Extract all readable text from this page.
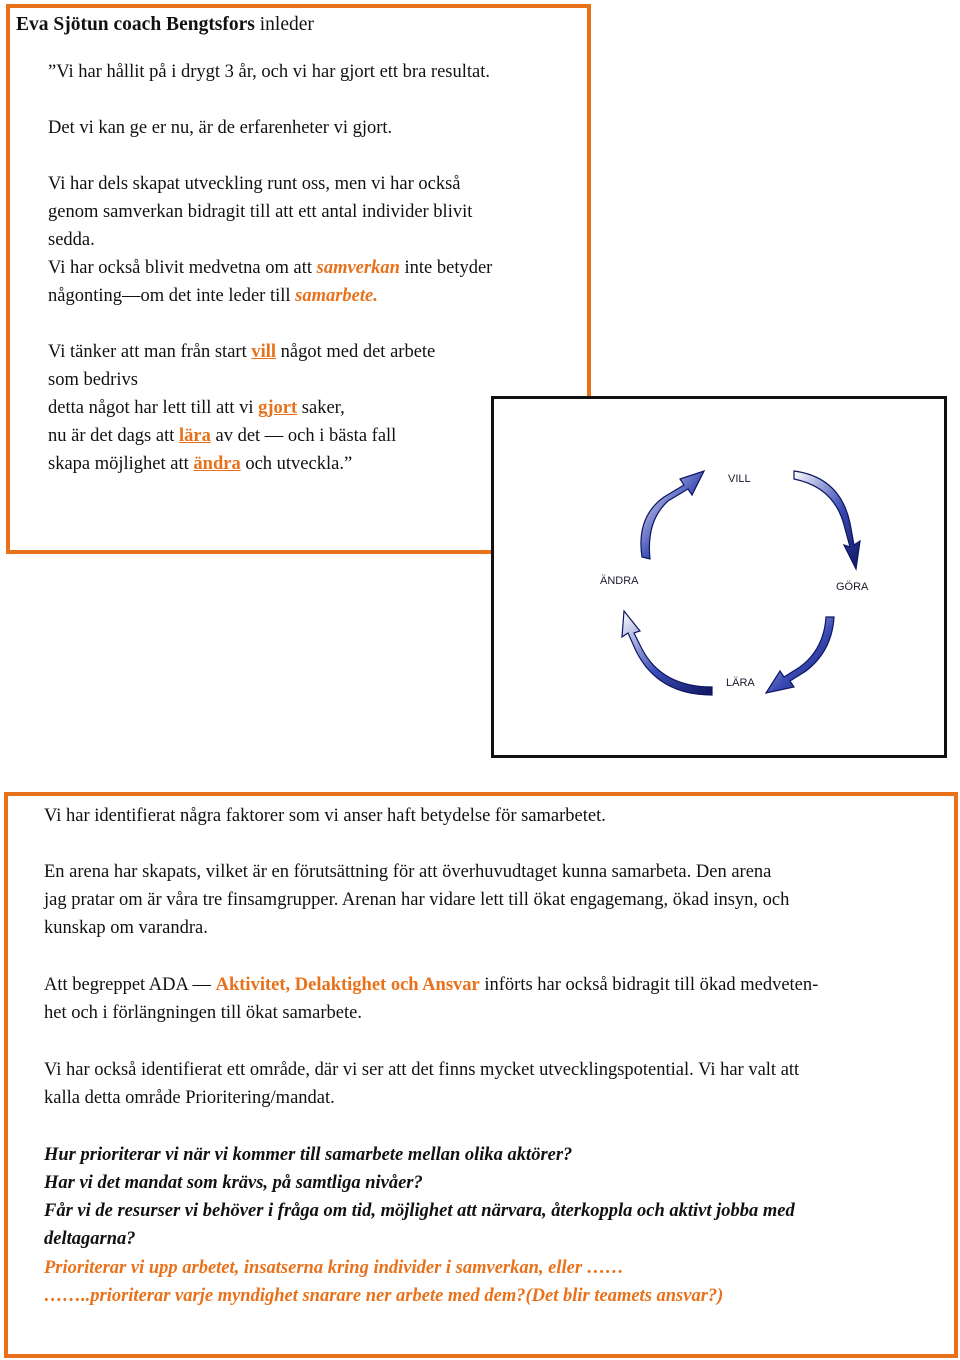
Eva Sjötun coach Bengtsfors inleder
”Vi har hållit på i drygt 3 år, och vi har gjort ett bra resultat.
Det vi kan ge er nu, är de erfarenheter vi gjort.
Vi har dels skapat utveckling runt oss, men vi har också
genom samverkan bidragit till att ett antal individer blivit
sedda.
Vi har också blivit medvetna om att samverkan inte betyder
någonting—om det inte leder till samarbete.
Vi tänker att man från start vill något med det arbete
som bedrivs
detta något har lett till att vi gjort saker,
nu är det dags att lära av det — och i bästa fall
skapa möjlighet att ändra och utveckla.”
VILL
GÖRA
LÄRA
ÄNDRA
Vi har identifierat några faktorer som vi anser haft betydelse för samarbetet.
En arena har skapats, vilket är en förutsättning för att överhuvudtaget kunna samarbeta. Den arena
jag pratar om är våra tre finsamgrupper. Arenan har vidare lett till ökat engagemang, ökad insyn, och
kunskap om varandra.
Att begreppet ADA — Aktivitet, Delaktighet och Ansvar införts har också bidragit till ökad medveten-
het och i förlängningen till ökat samarbete.
Vi har också identifierat ett område, där vi ser att det finns mycket utvecklingspotential. Vi har valt att
kalla detta område Prioritering/mandat.
Hur prioriterar vi när vi kommer till samarbete mellan olika aktörer?
Har vi det mandat som krävs, på samtliga nivåer?
Får vi de resurser vi behöver i fråga om tid, möjlighet att närvara, återkoppla och aktivt jobba med
deltagarna?
Prioriterar vi upp arbetet, insatserna kring individer i samverkan, eller ……
……..prioriterar varje myndighet snarare ner arbete med dem?(Det blir teamets ansvar?)
